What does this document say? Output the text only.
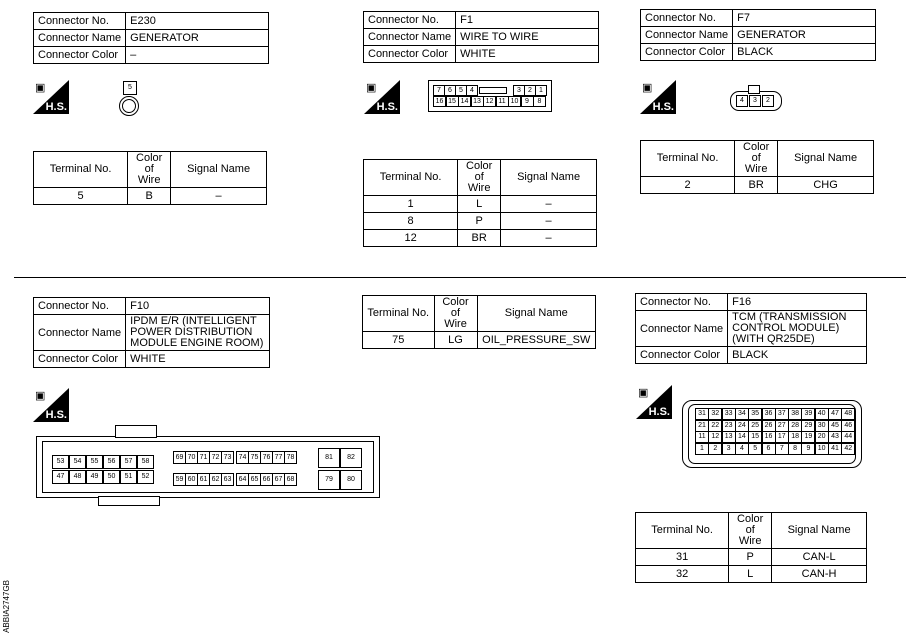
Connector No.	E230
Connector Name	GENERATOR
Connector Color	–
▣
H.S.
5
Terminal No.	Color of Wire	Signal Name
5	B	–
Connector No.	F1
Connector Name	WIRE TO WIRE
Connector Color	WHITE
▣
H.S.
Terminal No.	Color of Wire	Signal Name
1	L	–
8	P	–
12	BR	–
Connector No.	F7
Connector Name	GENERATOR
Connector Color	BLACK
▣
H.S.
4	3	2
Terminal No.	Color of Wire	Signal Name
2	BR	CHG
Connector No.	F10
Connector Name	IPDM E/R (INTELLIGENT POWER DISTRIBUTION MODULE ENGINE ROOM)
Connector Color	WHITE
▣
H.S.
Terminal No.	Color of Wire	Signal Name
75	LG	OIL_PRESSURE_SW
Connector No.	F16
Connector Name	TCM (TRANSMISSION CONTROL MODULE) (WITH QR25DE)
Connector Color	BLACK
▣
H.S.
Terminal No.	Color of Wire	Signal Name
31	P	CAN-L
32	L	CAN-H
ABBIA2747GB
7	6	5	4	3	2	1
16 15 14 13 12 11 10 9	8
53	54	55	56	57	58
47	48	49	50	51	52
69 70 71 72 73
59 60 61 62 63
74 75 76 77 78
64 65 66 67 68
81	82
79	80
31 32 33 34 35 36 37 38 39 40 47 48
21 22 23 24 25 26 27 28 29 30 45 46
11 12 13 14 15 16 17 18 19 20 43 44
1	2	3	4	5	6	7	8	9	10 41 42
